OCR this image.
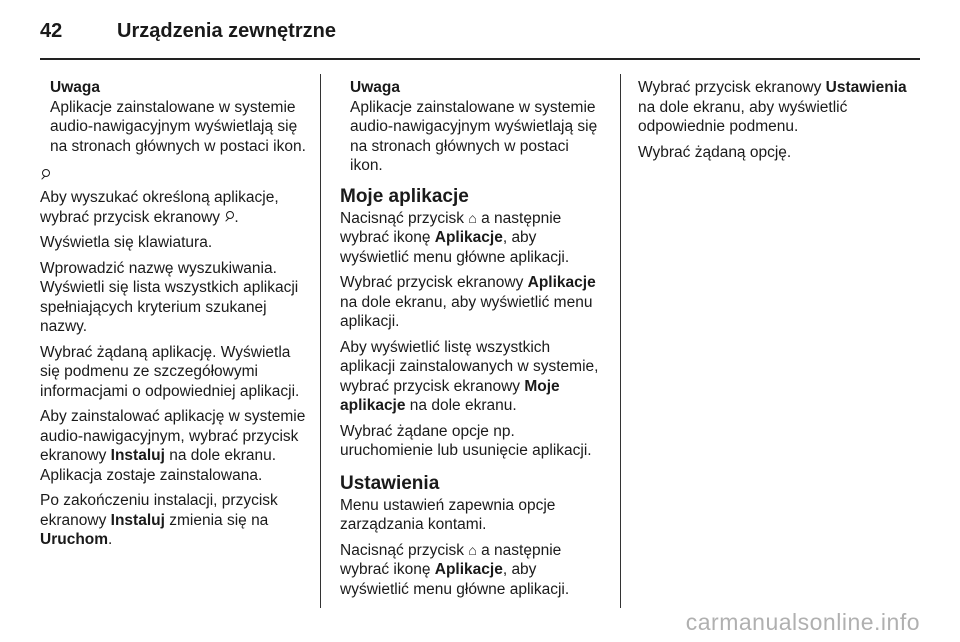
42	Urządzenia zewnętrzne
Uwaga
Aplikacje zainstalowane w systemie audio-nawigacyjnym wyświetlają się na stronach głównych w postaci ikon.

Aby wyszukać określoną aplikacje, wybrać przycisk ekranowy .

Wyświetla się klawiatura.

Wprowadzić nazwę wyszukiwania. Wyświetli się lista wszystkich aplikacji spełniających kryterium szukanej nazwy.

Wybrać żądaną aplikację. Wyświetla się podmenu ze szczegółowymi informacjami o odpowiedniej aplikacji.

Aby zainstalować aplikację w systemie audio-nawigacyjnym, wybrać przycisk ekranowy Instaluj na dole ekranu. Aplikacja zostaje zainstalowana.

Po zakończeniu instalacji, przycisk ekranowy Instaluj zmienia się na Uruchom.

Uwaga
Aplikacje zainstalowane w systemie audio-nawigacyjnym wyświetlają się na stronach głównych w postaci ikon.
Moje aplikacje

Nacisnąć przycisk ⌂ a następnie wybrać ikonę Aplikacje, aby wyświetlić menu główne aplikacji.

Wybrać przycisk ekranowy Aplikacje na dole ekranu, aby wyświetlić menu aplikacji.

Aby wyświetlić listę wszystkich aplikacji zainstalowanych w systemie, wybrać przycisk ekranowy Moje aplikacje na dole ekranu.

Wybrać żądane opcje np. uruchomienie lub usunięcie aplikacji.

Ustawienia

Menu ustawień zapewnia opcje zarządzania kontami.

Nacisnąć przycisk ⌂ a następnie wybrać ikonę Aplikacje, aby wyświetlić menu główne aplikacji.

Wybrać przycisk ekranowy Ustawienia na dole ekranu, aby wyświetlić odpowiednie podmenu.

Wybrać żądaną opcję.

carmanualsonline.info
